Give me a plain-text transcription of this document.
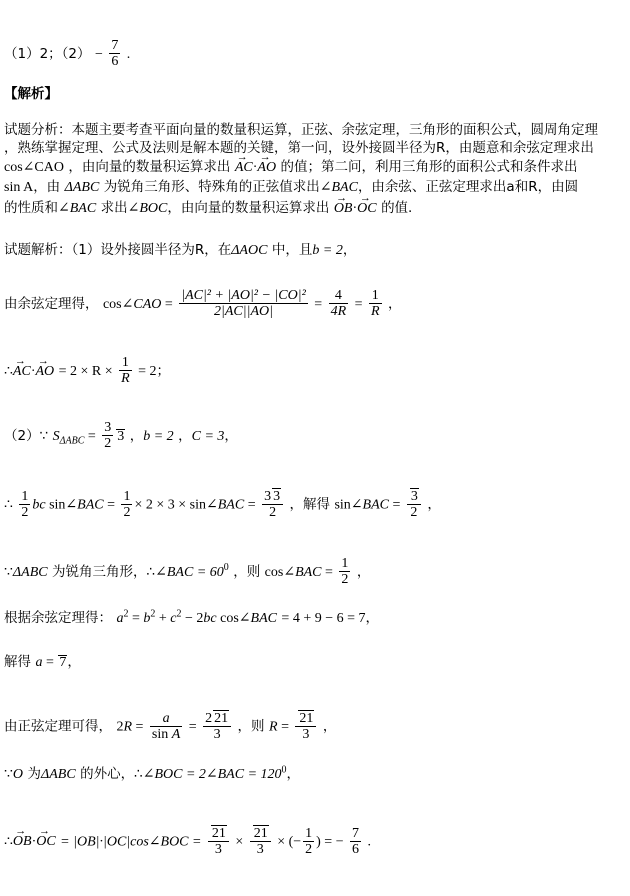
（1）2；$(2) - \frac{7}{6}$ .
【解析】
试题分析：本题主要考查平面向量的数量积运算，正弦、余弦定理，三角形的面积公式，圆周角定理
，熟练掌握定理、公式及法则是解本题的关键，第一问，设外接圆半径为R，由题意和余弦定理求出
cos∠CAO ，由向量的数量积运算求出 → AC·→ AO 的值；第二问，利用三角形的面积公式和条件求出
sin A，由 ΔABC 为锐角三角形、特殊角的正弦值求出∠BAC，由余弦、正弦定理求出a和R，由圆
的性质和∠BAC 求出∠BOC，由向量的数量积运算求出 → OB·→ OC 的值.
试题解析：（1）设外接圆半径为R，在ΔAOC 中，且b = 2，
由余弦定理得， cos∠CAO = $\frac{\text{|AC|² + |AO|² − |CO|²}}{2|AC||AO|} = \frac{4}{4R} = \frac{1}{R}$ ，
∴→ AC·→ AO = $2 \times R \times \frac{1}{R} = 2$；
（2）∵ $S_{\Delta ABC} = \frac{3}{2} 3$ ，b = 2 ，C = 3，
∴ $\frac{1}{2}$ bc sin∠BAC = $\frac{1}{2} \times 2 \times 3$ × sin∠BAC = $\frac{3 3}{2}$ ，解得 sin∠BAC = $\frac{3}{2}$ ，
∵ΔABC 为锐角三角形，∴∠BAC = $60^0$ ，则 cos∠BAC = $\frac{1}{2}$ ，
根据余弦定理得： $a^2 = b^2 + c^2 - 2bc$ cos∠BAC = 4 + 9 − 6 = 7，
解得 a = 7，
由正弦定理可得， $2R = \frac{a}{\text{sin A}} = \frac{2 21}{3}$ ，则 $R = \frac{21}{3}$ ，
∵O 为ΔABC 的外心，∴∠BOC = 2∠BAC = $120^0$，
∴→ OB·→ OC = |OB|·|OC|cos∠BOC = $\frac{21}{3} \times \frac{21}{3}$ × (− $\frac{1}{2}$ ) = − $\frac{7}{6}$ .
